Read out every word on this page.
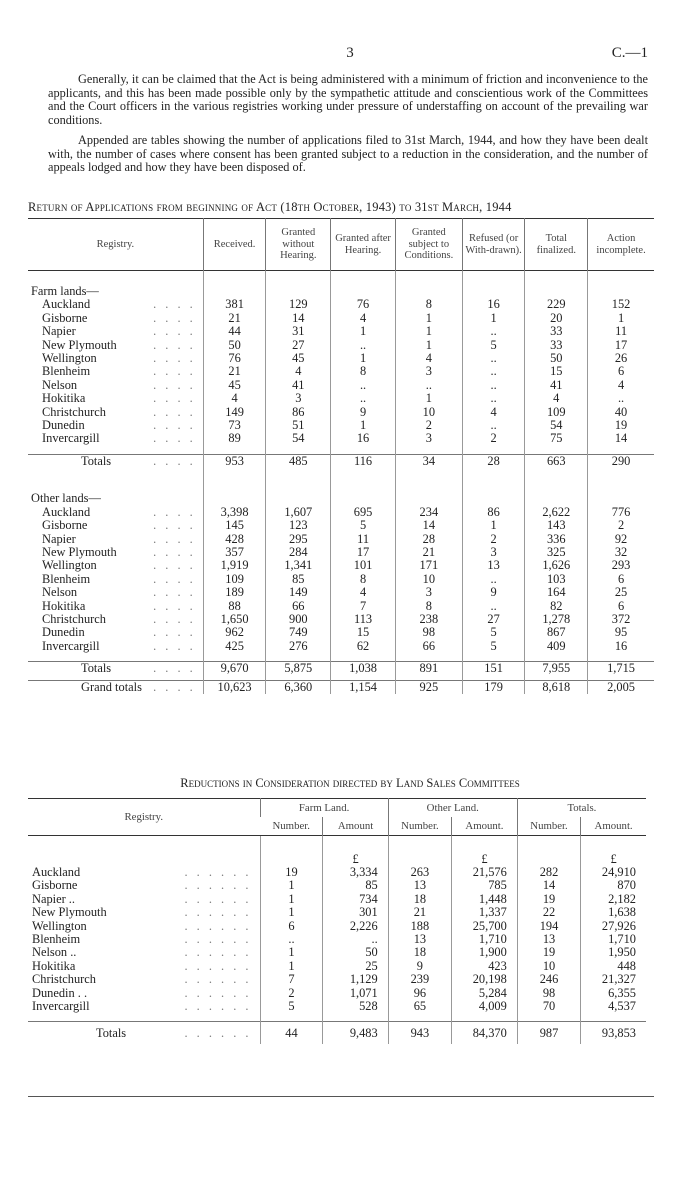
3	C.—1
Generally, it can be claimed that the Act is being administered with a minimum of friction and inconvenience to the applicants, and this has been made possible only by the sympathetic attitude and conscientious work of the Committees and the Court officers in the various registries working under pressure of understaffing on account of the prevailing war conditions.
Appended are tables showing the number of applications filed to 31st March, 1944, and how they have been dealt with, the number of cases where consent has been granted subject to a reduction in the consideration, and the number of appeals lodged and how they have been disposed of.
Return of Applications from beginning of Act (18th October, 1943) to 31st March, 1944
Registry.	Received.	Granted without Hearing.	Granted after Hearing.	Granted subject to Conditions.	Refused (or With-drawn).	Total finalized.	Action incomplete.

Farm lands—							

Auckland . . . .	381	129	76	8	16	229	152

Gisborne . . . .	21	14	4	1	1	20	1

Napier . . . .	44	31	1	1	..	33	11

New Plymouth . . . .	50	27	..	1	5	33	17

Wellington . . . .	76	45	1	4	..	50	26

Blenheim . . . .	21	4	8	3	..	15	6

Nelson . . . .	45	41	..	..	..	41	4

Hokitika . . . .	4	3	..	1	..	4	..

Christchurch . . . .	149	86	9	10	4	109	40

Dunedin . . . .	73	51	1	2	..	54	19

Invercargill . . . .	89	54	16	3	2	75	14

Totals . . . .	953	485	116	34	28	663	290

Other lands—							

Auckland . . . .	3,398	1,607	695	234	86	2,622	776

Gisborne . . . .	145	123	5	14	1	143	2

Napier . . . .	428	295	11	28	2	336	92

New Plymouth . . . .	357	284	17	21	3	325	32

Wellington . . . .	1,919	1,341	101	171	13	1,626	293

Blenheim . . . .	109	85	8	10	..	103	6

Nelson . . . .	189	149	4	3	9	164	25

Hokitika . . . .	88	66	7	8	..	82	6

Christchurch . . . .	1,650	900	113	238	27	1,278	372

Dunedin . . . .	962	749	15	98	5	867	95

Invercargill . . . .	425	276	62	66	5	409	16

Totals . . . .	9,670	5,875	1,038	891	151	7,955	1,715

Grand totals . . . .	10,623	6,360	1,154	925	179	8,618	2,005
Reductions in Consideration directed by Land Sales Committees
Registry.	Farm Land.		Other Land.		Totals.	
	Number.	Amount	Number.	Amount.	Number.	Amount.
		£		£		£

Auckland . . . . . .	19	3,334	263	21,576	282	24,910

Gisborne . . . . . .	1	85	13	785	14	870

Napier .. . . . . . .	1	734	18	1,448	19	2,182

New Plymouth . . . . . .	1	301	21	1,337	22	1,638

Wellington . . . . . .	6	2,226	188	25,700	194	27,926

Blenheim . . . . . .	..	..	13	1,710	13	1,710

Nelson .. . . . . . .	1	50	18	1,900	19	1,950

Hokitika . . . . . .	1	25	9	423	10	448

Christchurch . . . . . .	7	1,129	239	20,198	246	21,327

Dunedin . . . . . . . .	2	1,071	96	5,284	98	6,355

Invercargill . . . . . .	5	528	65	4,009	70	4,537

Totals . . . . . .	44	9,483	943	84,370	987	93,853
